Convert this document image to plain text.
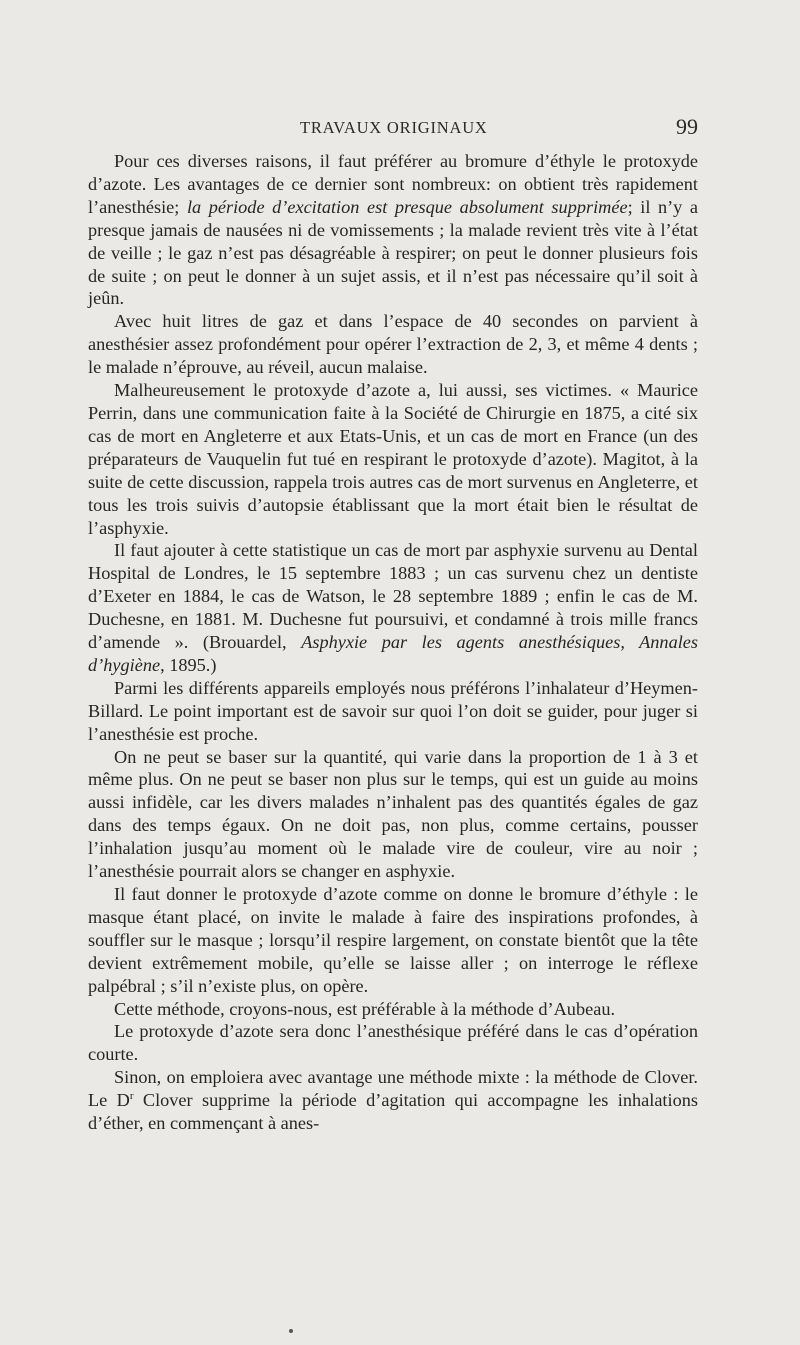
TRAVAUX ORIGINAUX	99

Pour ces diverses raisons, il faut préférer au bromure d’éthyle le protoxyde d’azote. Les avantages de ce dernier sont nombreux: on obtient très rapidement l’anesthésie; la période d’excitation est presque absolument supprimée; il n’y a presque jamais de nausées ni de vomissements ; la malade revient très vite à l’état de veille ; le gaz n’est pas désagréable à respirer; on peut le donner plusieurs fois de suite ; on peut le donner à un sujet assis, et il n’est pas nécessaire qu’il soit à jeûn.

Avec huit litres de gaz et dans l’espace de 40 secondes on parvient à anesthésier assez profondément pour opérer l’extraction de 2, 3, et même 4 dents ; le malade n’éprouve, au réveil, aucun malaise.

Malheureusement le protoxyde d’azote a, lui aussi, ses victimes. « Maurice Perrin, dans une communication faite à la Société de Chirurgie en 1875, a cité six cas de mort en Angleterre et aux Etats-Unis, et un cas de mort en France (un des préparateurs de Vauquelin fut tué en respirant le protoxyde d’azote). Magitot, à la suite de cette discussion, rappela trois autres cas de mort survenus en Angleterre, et tous les trois suivis d’autopsie établissant que la mort était bien le résultat de l’asphyxie.

Il faut ajouter à cette statistique un cas de mort par asphyxie survenu au Dental Hospital de Londres, le 15 septembre 1883 ; un cas survenu chez un dentiste d’Exeter en 1884, le cas de Watson, le 28 septembre 1889 ; enfin le cas de M. Duchesne, en 1881. M. Duchesne fut poursuivi, et condamné à trois mille francs d’amende ». (Brouardel, Asphyxie par les agents anesthésiques, Annales d’hygiène, 1895.)

Parmi les différents appareils employés nous préférons l’inhalateur d’Heymen-Billard. Le point important est de savoir sur quoi l’on doit se guider, pour juger si l’anesthésie est proche.

On ne peut se baser sur la quantité, qui varie dans la proportion de 1 à 3 et même plus. On ne peut se baser non plus sur le temps, qui est un guide au moins aussi infidèle, car les divers malades n’inhalent pas des quantités égales de gaz dans des temps égaux. On ne doit pas, non plus, comme certains, pousser l’inhalation jusqu’au moment où le malade vire de couleur, vire au noir ; l’anesthésie pourrait alors se changer en asphyxie.

Il faut donner le protoxyde d’azote comme on donne le bromure d’éthyle : le masque étant placé, on invite le malade à faire des inspirations profondes, à souffler sur le masque ; lorsqu’il respire largement, on constate bientôt que la tête devient extrêmement mobile, qu’elle se laisse aller ; on interroge le réflexe palpébral ; s’il n’existe plus, on opère.

Cette méthode, croyons-nous, est préférable à la méthode d’Aubeau.

Le protoxyde d’azote sera donc l’anesthésique préféré dans le cas d’opération courte.

Sinon, on emploiera avec avantage une méthode mixte : la méthode de Clover. Le $D^r$ Clover supprime la période d’agitation qui accompagne les inhalations d’éther, en commençant à anes-
